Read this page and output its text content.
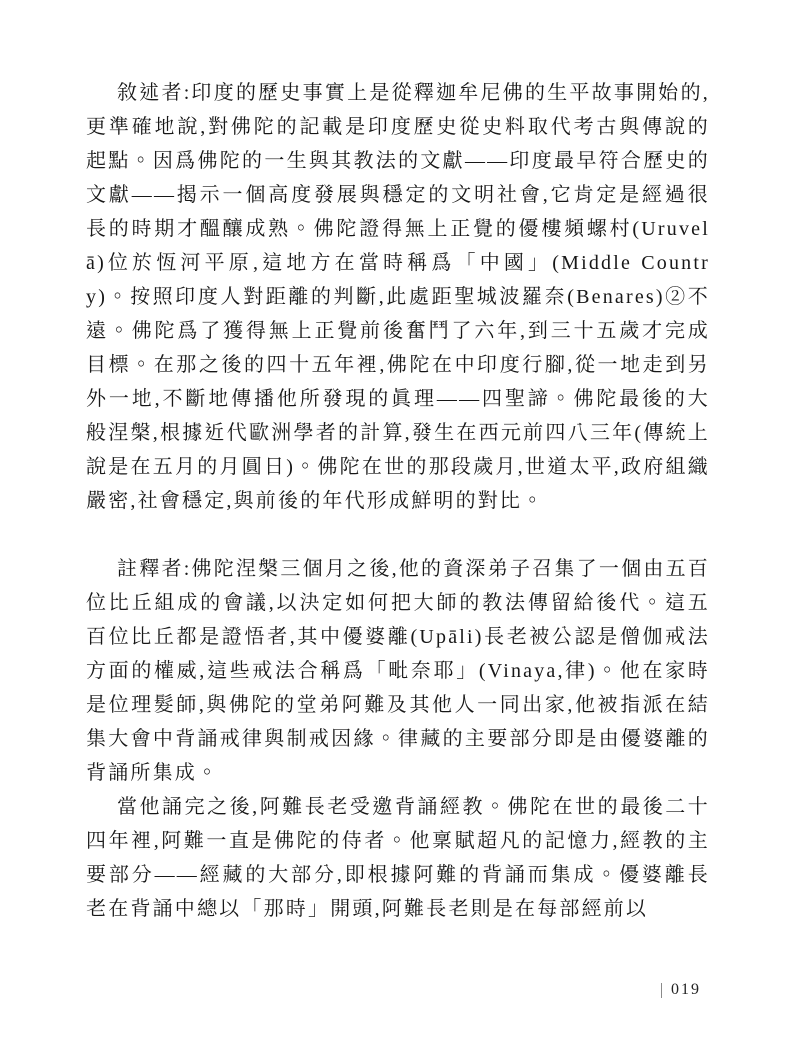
敘述者:印度的歷史事實上是從釋迦牟尼佛的生平故事開始的,更準確地說,對佛陀的記載是印度歷史從史料取代考古與傳說的起點。因爲佛陀的一生與其教法的文獻——印度最早符合歷史的文獻——揭示一個高度發展與穩定的文明社會,它肯定是經過很長的時期才醞釀成熟。佛陀證得無上正覺的優樓頻螺村(Uruvelā)位於恆河平原,這地方在當時稱爲「中國」(Middle Country)。按照印度人對距離的判斷,此處距聖城波羅奈(Benares)②不遠。佛陀爲了獲得無上正覺前後奮鬥了六年,到三十五歲才完成目標。在那之後的四十五年裡,佛陀在中印度行腳,從一地走到另外一地,不斷地傳播他所發現的眞理——四聖諦。佛陀最後的大般涅槃,根據近代歐洲學者的計算,發生在西元前四八三年(傳統上說是在五月的月圓日)。佛陀在世的那段歲月,世道太平,政府組織嚴密,社會穩定,與前後的年代形成鮮明的對比。

註釋者:佛陀涅槃三個月之後,他的資深弟子召集了一個由五百位比丘組成的會議,以決定如何把大師的教法傳留給後代。這五百位比丘都是證悟者,其中優婆離(Upāli)長老被公認是僧伽戒法方面的權威,這些戒法合稱爲「毗奈耶」(Vinaya,律)。他在家時是位理髮師,與佛陀的堂弟阿難及其他人一同出家,他被指派在結集大會中背誦戒律與制戒因緣。律藏的主要部分即是由優婆離的背誦所集成。

當他誦完之後,阿難長老受邀背誦經教。佛陀在世的最後二十四年裡,阿難一直是佛陀的侍者。他稟賦超凡的記憶力,經教的主要部分——經藏的大部分,即根據阿難的背誦而集成。優婆離長老在背誦中總以「那時」開頭,阿難長老則是在每部經前以

019
